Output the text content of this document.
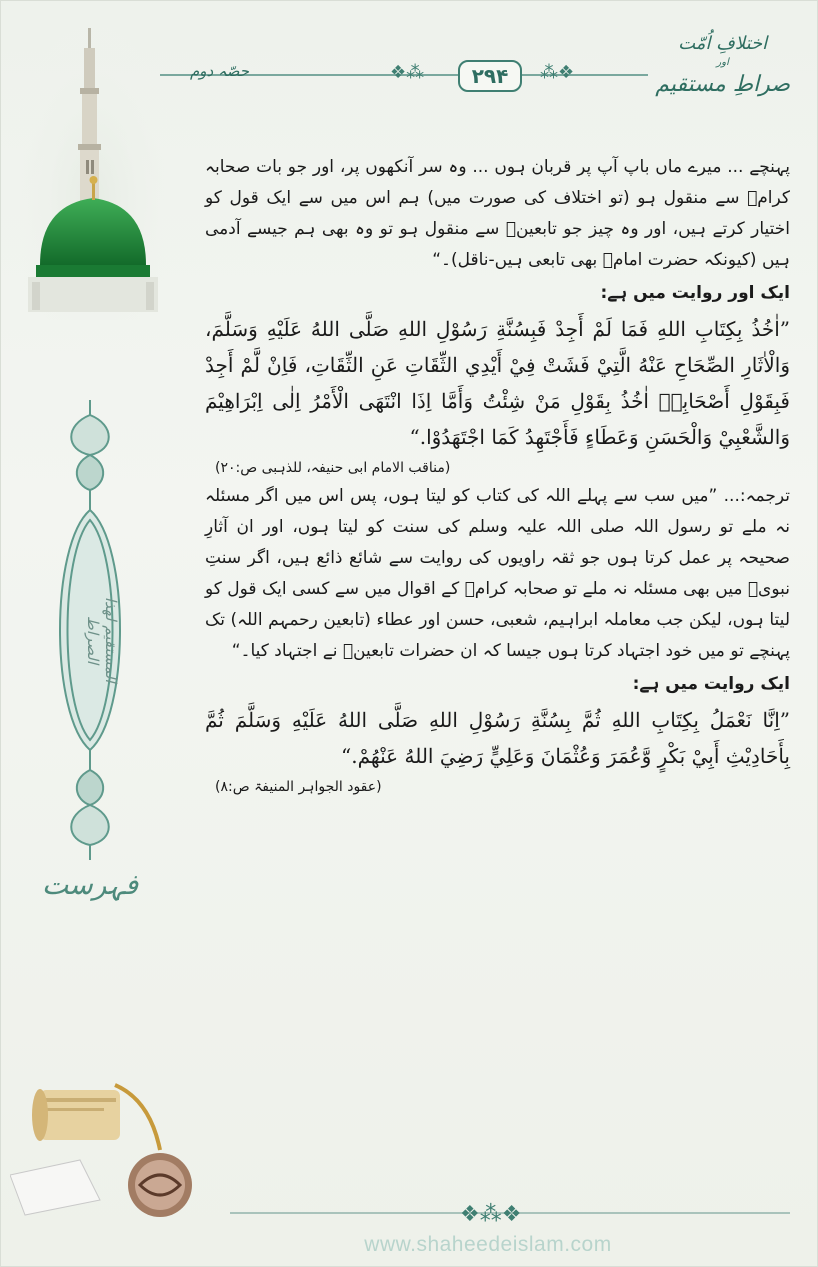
❖⁂	۲۹۴	⁂❖
حصّہ دوم
اختلافِ اُمّت
اور
صراطِ مستقیم
المستقیم لھذا الصراط
فہرست

پہنچے ... میرے ماں باپ آپ پر قربان ہوں ... وہ سر آنکھوں پر، اور جو بات صحابہ کرامؓ سے منقول ہو (تو اختلاف کی صورت میں) ہم اس میں سے ایک قول کو اختیار کرتے ہیں، اور وہ چیز جو تابعینؒ سے منقول ہو تو وہ بھی ہم جیسے آدمی ہیں (کیونکہ حضرت امامؒ بھی تابعی ہیں-ناقل)۔“

ایک اور روایت میں ہے:

”اٰخُذُ بِكِتَابِ اللهِ فَمَا لَمْ أَجِدْ فَبِسُنَّةِ رَسُوْلِ اللهِ صَلَّى اللهُ عَلَيْهِ وَسَلَّمَ، وَالْاٰثَارِ الصِّحَاحِ عَنْهُ الَّتِيْ فَشَتْ فِيْ أَيْدِي الثِّقَاتِ عَنِ الثِّقَاتِ، فَاِنْ لَّمْ أَجِدْ فَبِقَوْلِ أَصْحَابِهٖ اٰخُذُ بِقَوْلِ مَنْ شِئْتُ وَأَمَّا اِذَا انْتَهَى الْأَمْرُ اِلٰى اِبْرَاهِيْمَ وَالشَّعْبِيْ وَالْحَسَنِ وَعَطَاءٍ فَأَجْتَهِدُ كَمَا اجْتَهَدُوْا.“

(مناقب الامام ابی حنیفہ، للذہبی ص:۲۰)

ترجمہ:... ”میں سب سے پہلے اللہ کی کتاب کو لیتا ہوں، پس اس میں اگر مسئلہ نہ ملے تو رسول اللہ صلی اللہ علیہ وسلم کی سنت کو لیتا ہوں، اور ان آثارِ صحیحہ پر عمل کرتا ہوں جو ثقہ راویوں کی روایت سے شائع ذائع ہیں، اگر سنتِ نبویؐ میں بھی مسئلہ نہ ملے تو صحابہ کرامؓ کے اقوال میں سے کسی ایک قول کو لیتا ہوں، لیکن جب معاملہ ابراہیم، شعبی، حسن اور عطاء (تابعین رحمہم اللہ) تک پہنچے تو میں خود اجتہاد کرتا ہوں جیسا کہ ان حضرات تابعینؒ نے اجتہاد کیا۔“

ایک روایت میں ہے:

”اِنَّا نَعْمَلُ بِكِتَابِ اللهِ ثُمَّ بِسُنَّةِ رَسُوْلِ اللهِ صَلَّى اللهُ عَلَيْهِ وَسَلَّمَ ثُمَّ بِأَحَادِيْثِ أَبِيْ بَكْرٍ وَّعُمَرَ وَعُثْمَانَ وَعَلِيٍّ رَضِيَ اللهُ عَنْهُمْ.“

(عقود الجواہر المنیفۃ ص:۸)

❖⁂❖
www.shaheedeislam.com
